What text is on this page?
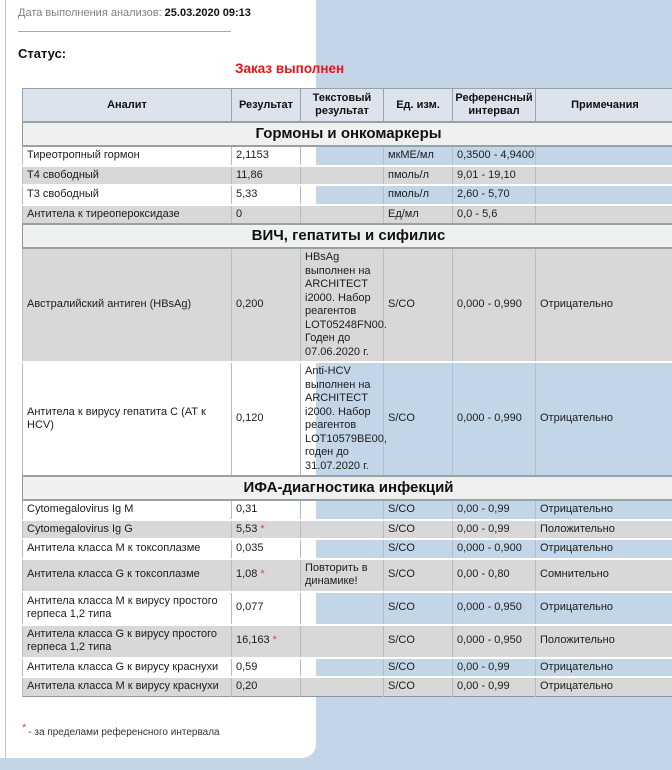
Дата выполнения анализов: 25.03.2020 09:13
Статус:
Заказ выполнен
Аналит	Результат	Текстовый результат	Ед. изм.	Референсный интервал	Примечания
Гормоны и онкомаркеры					
Тиреотропный гормон	2,1153		мкМЕ/мл	0,3500 - 4,9400	
Т4 свободный	11,86		пмоль/л	9,01 - 19,10	
Т3 свободный	5,33		пмоль/л	2,60 - 5,70	
Антитела к тиреопероксидазе	0		Ед/мл	0,0 - 5,6	
ВИЧ, гепатиты и сифилис					
Австралийский антиген (HBsAg)	0,200	HBsAg выполнен на ARCHITECT i2000. Набор реагентов LOT05248FN00. Годен до 07.06.2020 г.	S/CO	0,000 - 0,990	Отрицательно
Антитела к вирусу гепатита С (АТ к HCV)	0,120	Anti-HCV выполнен на ARCHITECT i2000. Набор реагентов LOT10579BE00, годен до 31.07.2020 г.	S/CO	0,000 - 0,990	Отрицательно
ИФА-диагностика инфекций					
Cytomegalovirus Ig M	0,31		S/CO	0,00 - 0,99	Отрицательно
Cytomegalovirus Ig G	5,53 *		S/CO	0,00 - 0,99	Положительно
Антитела класса М к токсоплазме	0,035		S/CO	0,000 - 0,900	Отрицательно
Антитела класса G к токсоплазме	1,08 *	Повторить в динамике!	S/CO	0,00 - 0,80	Сомнительно
Антитела класса М к вирусу простого герпеса 1,2 типа	0,077		S/CO	0,000 - 0,950	Отрицательно
Антитела класса G к вирусу простого герпеса 1,2 типа	16,163 *		S/CO	0,000 - 0,950	Положительно
Антитела класса G к вирусу краснухи	0,59		S/CO	0,00 - 0,99	Отрицательно
Антитела класса М к вирусу краснухи	0,20		S/CO	0,00 - 0,99	Отрицательно
* - за пределами референсного интервала
